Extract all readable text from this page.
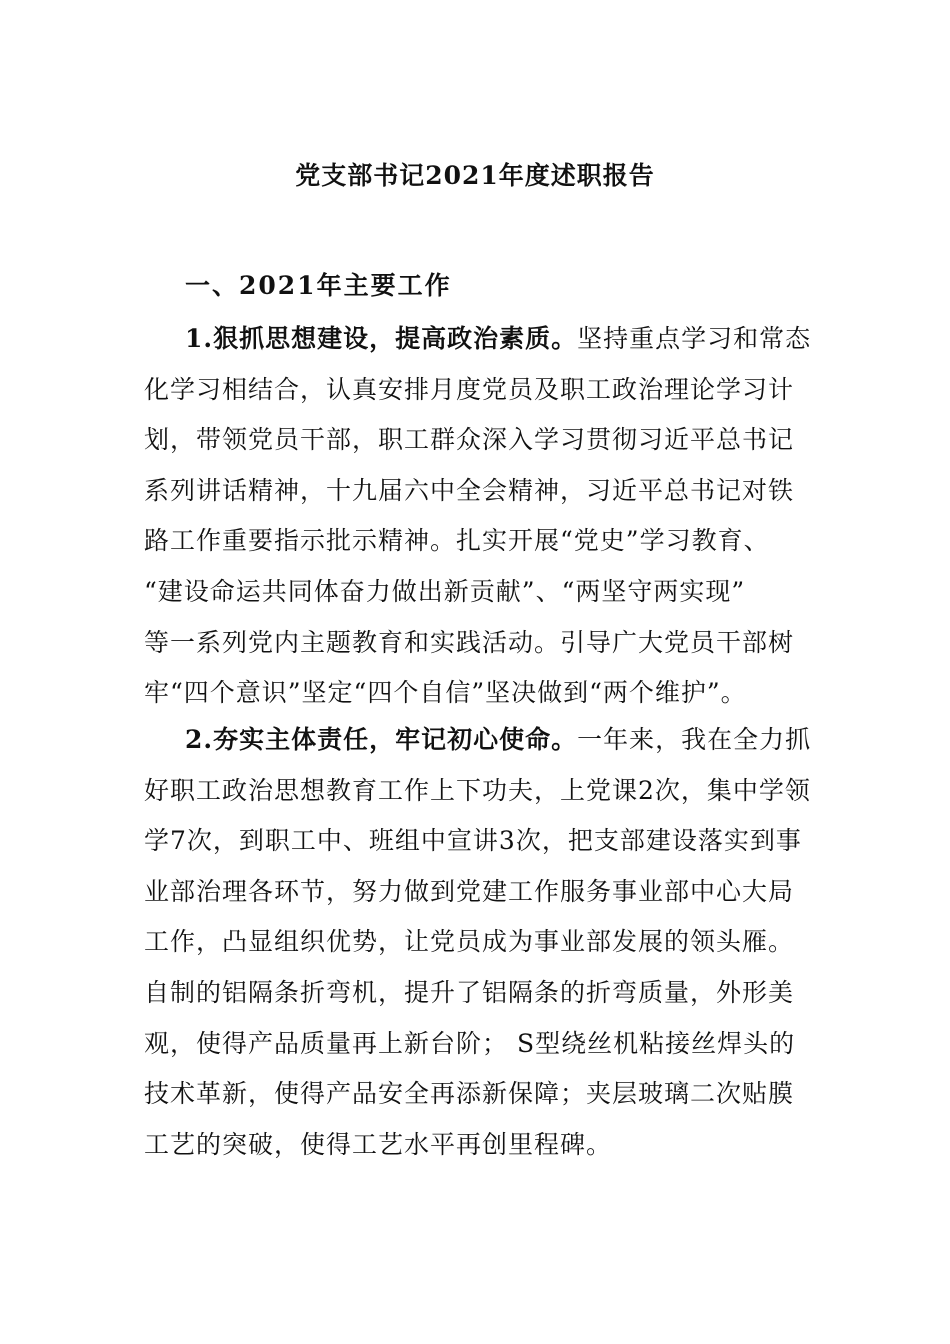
党支部书记2021年度述职报告
一、2021年主要工作
1.狠抓思想建设，提高政治素质。坚持重点学习和常态
化学习相结合，认真安排月度党员及职工政治理论学习计
划，带领党员干部，职工群众深入学习贯彻习近平总书记
系列讲话精神，十九届六中全会精神，习近平总书记对铁
路工作重要指示批示精神。扎实开展“党史”学习教育、
“建设命运共同体奋力做出新贡献”、“两坚守两实现”
等一系列党内主题教育和实践活动。引导广大党员干部树
牢“四个意识”坚定“四个自信”坚决做到“两个维护”。
2.夯实主体责任，牢记初心使命。一年来，我在全力抓
好职工政治思想教育工作上下功夫，上党课2次，集中学领
学7次，到职工中、班组中宣讲3次，把支部建设落实到事
业部治理各环节，努力做到党建工作服务事业部中心大局
工作，凸显组织优势，让党员成为事业部发展的领头雁。
自制的铝隔条折弯机，提升了铝隔条的折弯质量，外形美
观，使得产品质量再上新台阶； S型绕丝机粘接丝焊头的
技术革新，使得产品安全再添新保障；夹层玻璃二次贴膜
工艺的突破，使得工艺水平再创里程碑。
